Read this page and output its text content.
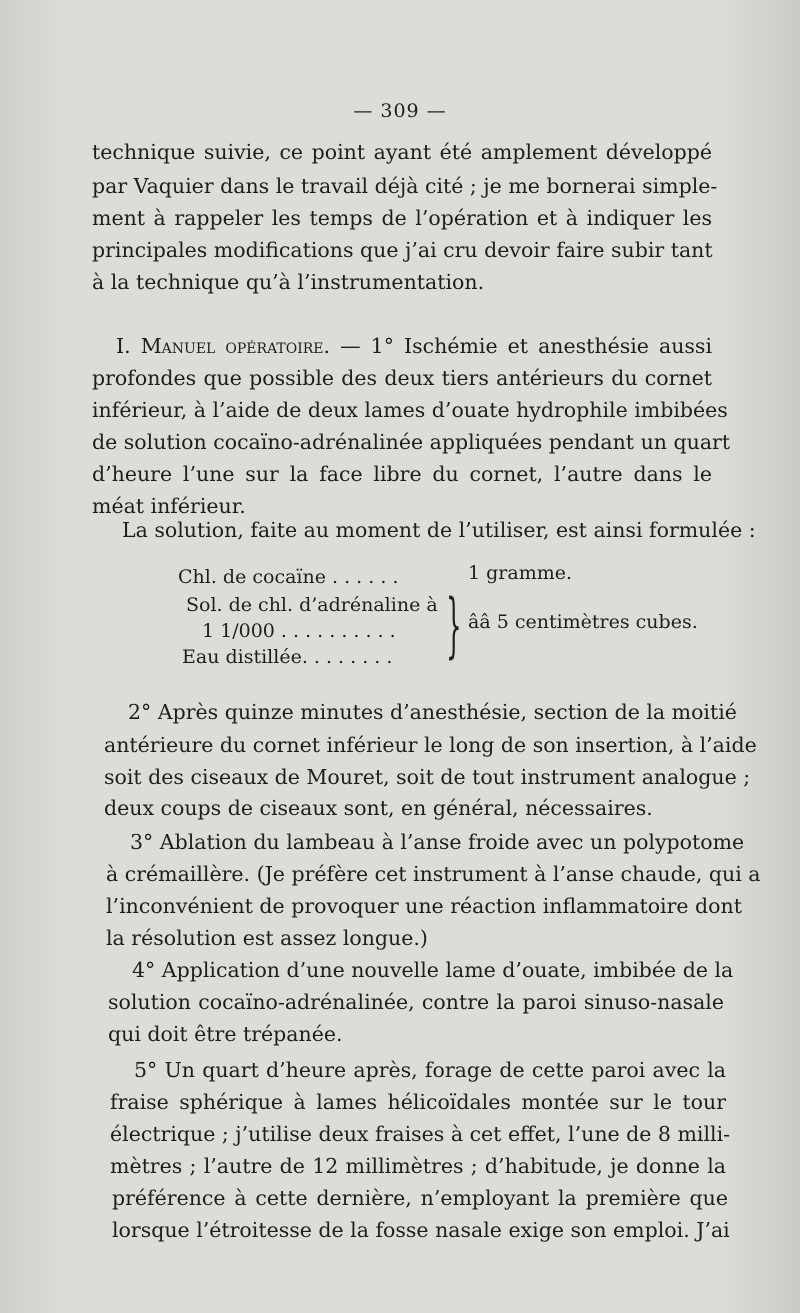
— 309 —
technique suivie, ce point ayant été amplement développé
par Vaquier dans le travail déjà cité ; je me bornerai simple-
ment à rappeler les temps de l’opération et à indiquer les
principales modifications que j’ai cru devoir faire subir tant
à la technique qu’à l’instrumentation.
I. Manuel opératoire. — 1° Ischémie et anesthésie aussi
profondes que possible des deux tiers antérieurs du cornet
inférieur, à l’aide de deux lames d’ouate hydrophile imbibées
de solution cocaïno-adrénalinée appliquées pendant un quart
d’heure l’une sur la face libre du cornet, l’autre dans le
méat inférieur.
La solution, faite au moment de l’utiliser, est ainsi formulée :
Chl. de cocaïne . . . . . .
Sol. de chl. d’adrénaline à
1 1/000 . . . . . . . . . .
Eau distillée. . . . . . . .
1 gramme.
} ââ 5 centimètres cubes.
2° Après quinze minutes d’anesthésie, section de la moitié
antérieure du cornet inférieur le long de son insertion, à l’aide
soit des ciseaux de Mouret, soit de tout instrument analogue ;
deux coups de ciseaux sont, en général, nécessaires.
3° Ablation du lambeau à l’anse froide avec un polypotome
à crémaillère. (Je préfère cet instrument à l’anse chaude, qui a
l’inconvénient de provoquer une réaction inflammatoire dont
la résolution est assez longue.)
4° Application d’une nouvelle lame d’ouate, imbibée de la
solution cocaïno-adrénalinée, contre la paroi sinuso-nasale
qui doit être trépanée.
5° Un quart d’heure après, forage de cette paroi avec la
fraise sphérique à lames hélicoïdales montée sur le tour
électrique ; j’utilise deux fraises à cet effet, l’une de 8 milli-
mètres ; l’autre de 12 millimètres ; d’habitude, je donne la
préférence à cette dernière, n’employant la première que
lorsque l’étroitesse de la fosse nasale exige son emploi. J’ai
